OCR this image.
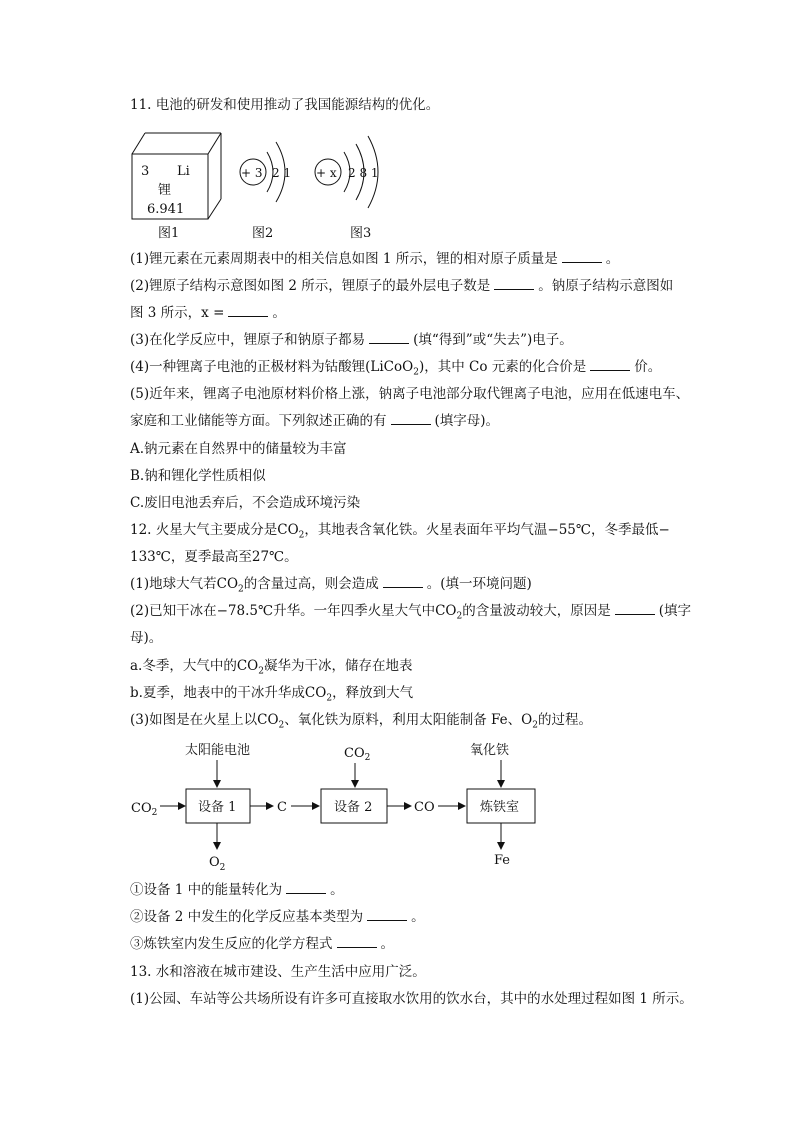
11. 电池的研发和使用推动了我国能源结构的优化。
3 Li
锂
6.941
图1
+ 3 2 1
图2
+ x 2 8 1
图3
太阳能电池	$CO_2$	氧化铁
$CO_2$	设备 1	C	设备 2	CO	炼铁室
$O_2$	Fe
(1)锂元素在元素周期表中的相关信息如图 1 所示，锂的相对原子质量是	。
(2)锂原子结构示意图如图 2 所示，锂原子的最外层电子数是	。钠原子结构示意图如
图 3 所示，x =	。
(3)在化学反应中，锂原子和钠原子都易	(填“得到”或“失去”)电子。
(4)一种锂离子电池的正极材料为钴酸锂(LiCoO$_2$)，其中 Co 元素的化合价是	价。
(5)近年来，锂离子电池原材料价格上涨，钠离子电池部分取代锂离子电池，应用在低速电车、
家庭和工业储能等方面。下列叙述正确的有	(填字母)。
A.钠元素在自然界中的储量较为丰富
B.钠和锂化学性质相似
C.废旧电池丢弃后，不会造成环境污染
12. 火星大气主要成分是$CO_2$，其地表含氧化铁。火星表面年平均气温−55℃，冬季最低−
133℃，夏季最高至27℃。
(1)地球大气若$CO_2$的含量过高，则会造成	。(填一环境问题)
(2)已知干冰在−78.5℃升华。一年四季火星大气中$CO_2$的含量波动较大，原因是	(填字
母)。
a.冬季，大气中的$CO_2$凝华为干冰，储存在地表
b.夏季，地表中的干冰升华成$CO_2$，释放到大气
(3)如图是在火星上以$CO_2$、氧化铁为原料，利用太阳能制备 Fe、$O_2$的过程。
①设备 1 中的能量转化为	。
②设备 2 中发生的化学反应基本类型为	。
③炼铁室内发生反应的化学方程式	。
13. 水和溶液在城市建设、生产生活中应用广泛。
(1)公园、车站等公共场所设有许多可直接取水饮用的饮水台，其中的水处理过程如图 1 所示。
